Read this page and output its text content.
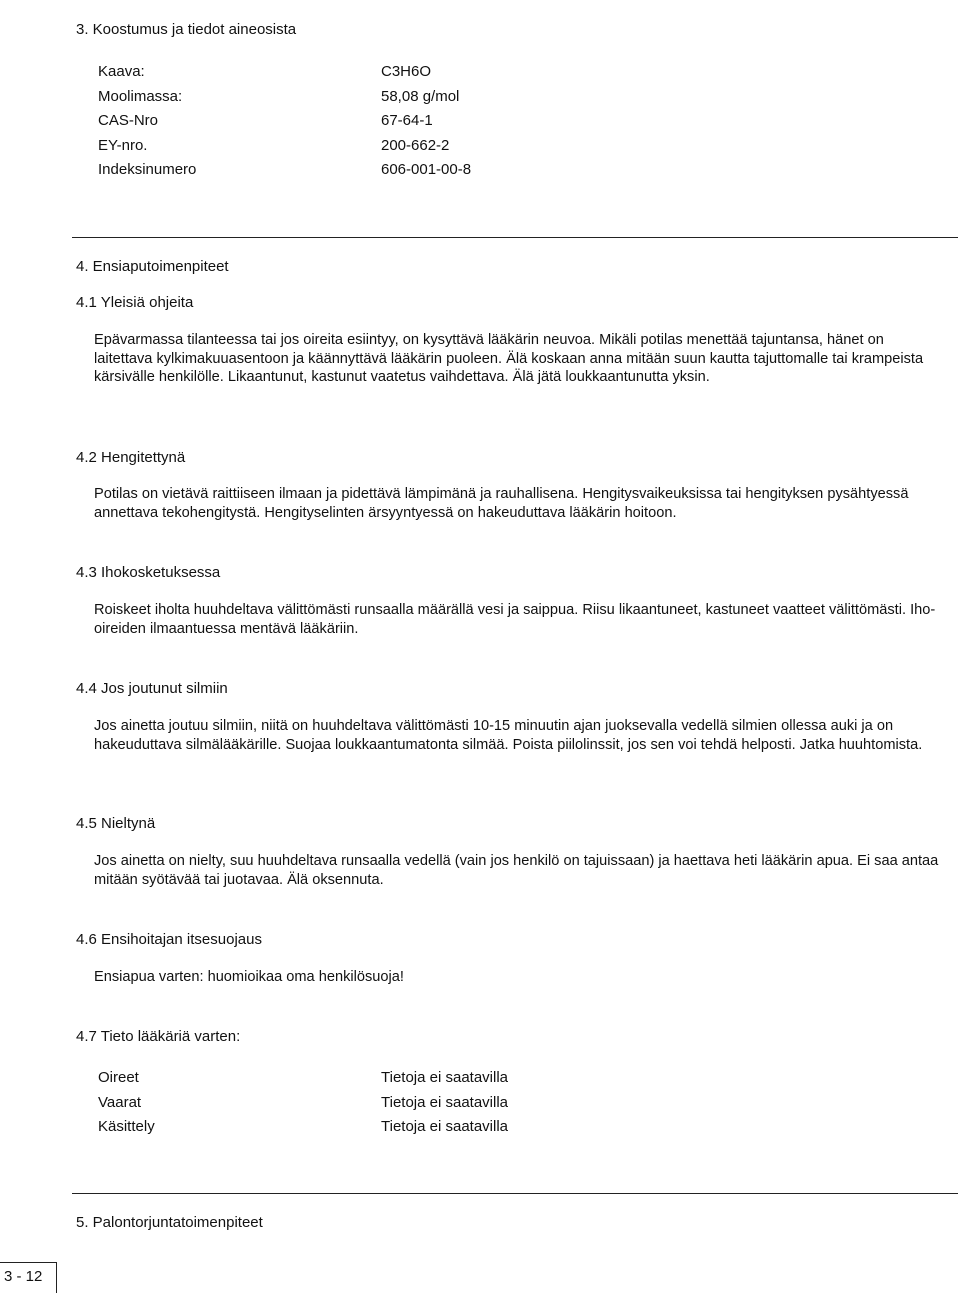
3. Koostumus ja tiedot aineosista
Kaava:	C3H6O
Moolimassa:	58,08 g/mol
CAS-Nro	67-64-1
EY-nro.	200-662-2
Indeksinumero	606-001-00-8
4. Ensiaputoimenpiteet
4.1 Yleisiä ohjeita
Epävarmassa tilanteessa tai jos oireita esiintyy, on kysyttävä lääkärin neuvoa. Mikäli potilas menettää tajuntansa, hänet on laitettava kylkimakuuasentoon ja käännyttävä lääkärin puoleen. Älä koskaan anna mitään suun kautta tajuttomalle tai krampeista kärsivälle henkilölle. Likaantunut, kastunut vaatetus vaihdettava. Älä jätä loukkaantunutta yksin.
4.2 Hengitettynä
Potilas on vietävä raittiiseen ilmaan ja pidettävä lämpimänä ja rauhallisena. Hengitysvaikeuksissa tai hengityksen pysähtyessä annettava tekohengitystä. Hengityselinten ärsyyntyessä on hakeuduttava lääkärin hoitoon.
4.3 Ihokosketuksessa
Roiskeet iholta huuhdeltava välittömästi runsaalla määrällä vesi ja saippua. Riisu likaantuneet, kastuneet vaatteet välittömästi. Iho-oireiden ilmaantuessa mentävä lääkäriin.
4.4 Jos joutunut silmiin
Jos ainetta joutuu silmiin, niitä on huuhdeltava välittömästi 10-15 minuutin ajan juoksevalla vedellä silmien ollessa auki ja on hakeuduttava silmälääkärille. Suojaa loukkaantumatonta silmää. Poista piilolinssit, jos sen voi tehdä helposti. Jatka huuhtomista.
4.5 Nieltynä
Jos ainetta on nielty, suu huuhdeltava runsaalla vedellä (vain jos henkilö on tajuissaan) ja haettava heti lääkärin apua. Ei saa antaa mitään syötävää tai juotavaa. Älä oksennuta.
4.6 Ensihoitajan itsesuojaus
Ensiapua varten: huomioikaa oma henkilösuoja!
4.7 Tieto lääkäriä varten:
Oireet	Tietoja ei saatavilla
Vaarat	Tietoja ei saatavilla
Käsittely	Tietoja ei saatavilla
5. Palontorjuntatoimenpiteet
3 - 12
